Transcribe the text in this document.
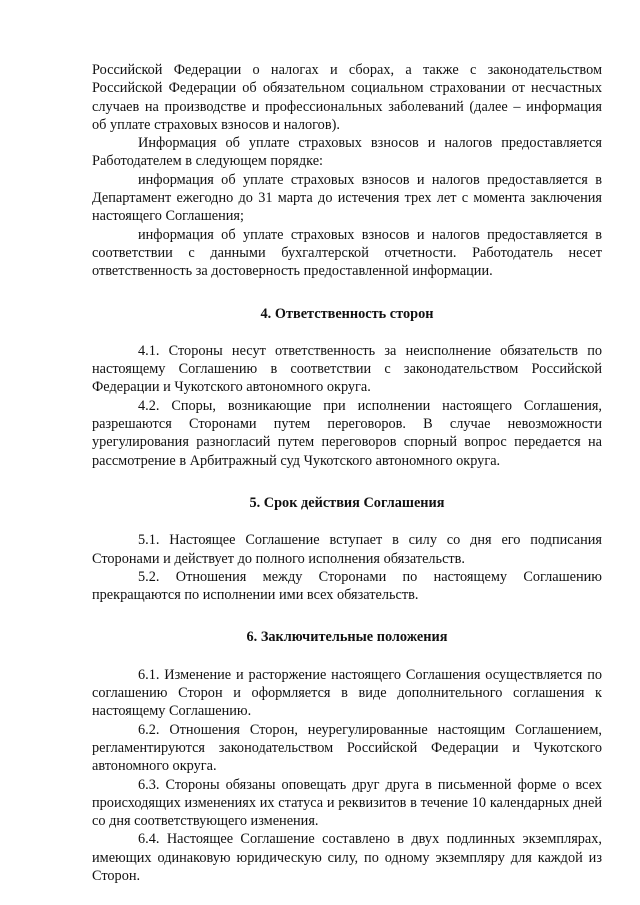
Российской Федерации о налогах и сборах, а также с законодательством Российской Федерации об обязательном социальном страховании от несчастных случаев на производстве и профессиональных заболеваний (далее – информация об уплате страховых взносов и налогов).

Информация об уплате страховых взносов и налогов предоставляется Работодателем в следующем порядке:

информация об уплате страховых взносов и налогов предоставляется в Департамент ежегодно до 31 марта до истечения трех лет с момента заключения настоящего Соглашения;

информация об уплате страховых взносов и налогов предоставляется в соответствии с данными бухгалтерской отчетности. Работодатель несет ответственность за достоверность предоставленной информации.

4. Ответственность сторон

4.1. Стороны несут ответственность за неисполнение обязательств по настоящему Соглашению в соответствии с законодательством Российской Федерации и Чукотского автономного округа.

4.2. Споры, возникающие при исполнении настоящего Соглашения, разрешаются Сторонами путем переговоров. В случае невозможности урегулирования разногласий путем переговоров спорный вопрос передается на рассмотрение в Арбитражный суд Чукотского автономного округа.

5. Срок действия Соглашения

5.1. Настоящее Соглашение вступает в силу со дня его подписания Сторонами и действует до полного исполнения обязательств.

5.2. Отношения между Сторонами по настоящему Соглашению прекращаются по исполнении ими всех обязательств.

6. Заключительные положения

6.1. Изменение и расторжение настоящего Соглашения осуществляется по соглашению Сторон и оформляется в виде дополнительного соглашения к настоящему Соглашению.

6.2. Отношения Сторон, неурегулированные настоящим Соглашением, регламентируются законодательством Российской Федерации и Чукотского автономного округа.

6.3. Стороны обязаны оповещать друг друга в письменной форме о всех происходящих изменениях их статуса и реквизитов в течение 10 календарных дней со дня соответствующего изменения.

6.4. Настоящее Соглашение составлено в двух подлинных экземплярах, имеющих одинаковую юридическую силу, по одному экземпляру для каждой из Сторон.
